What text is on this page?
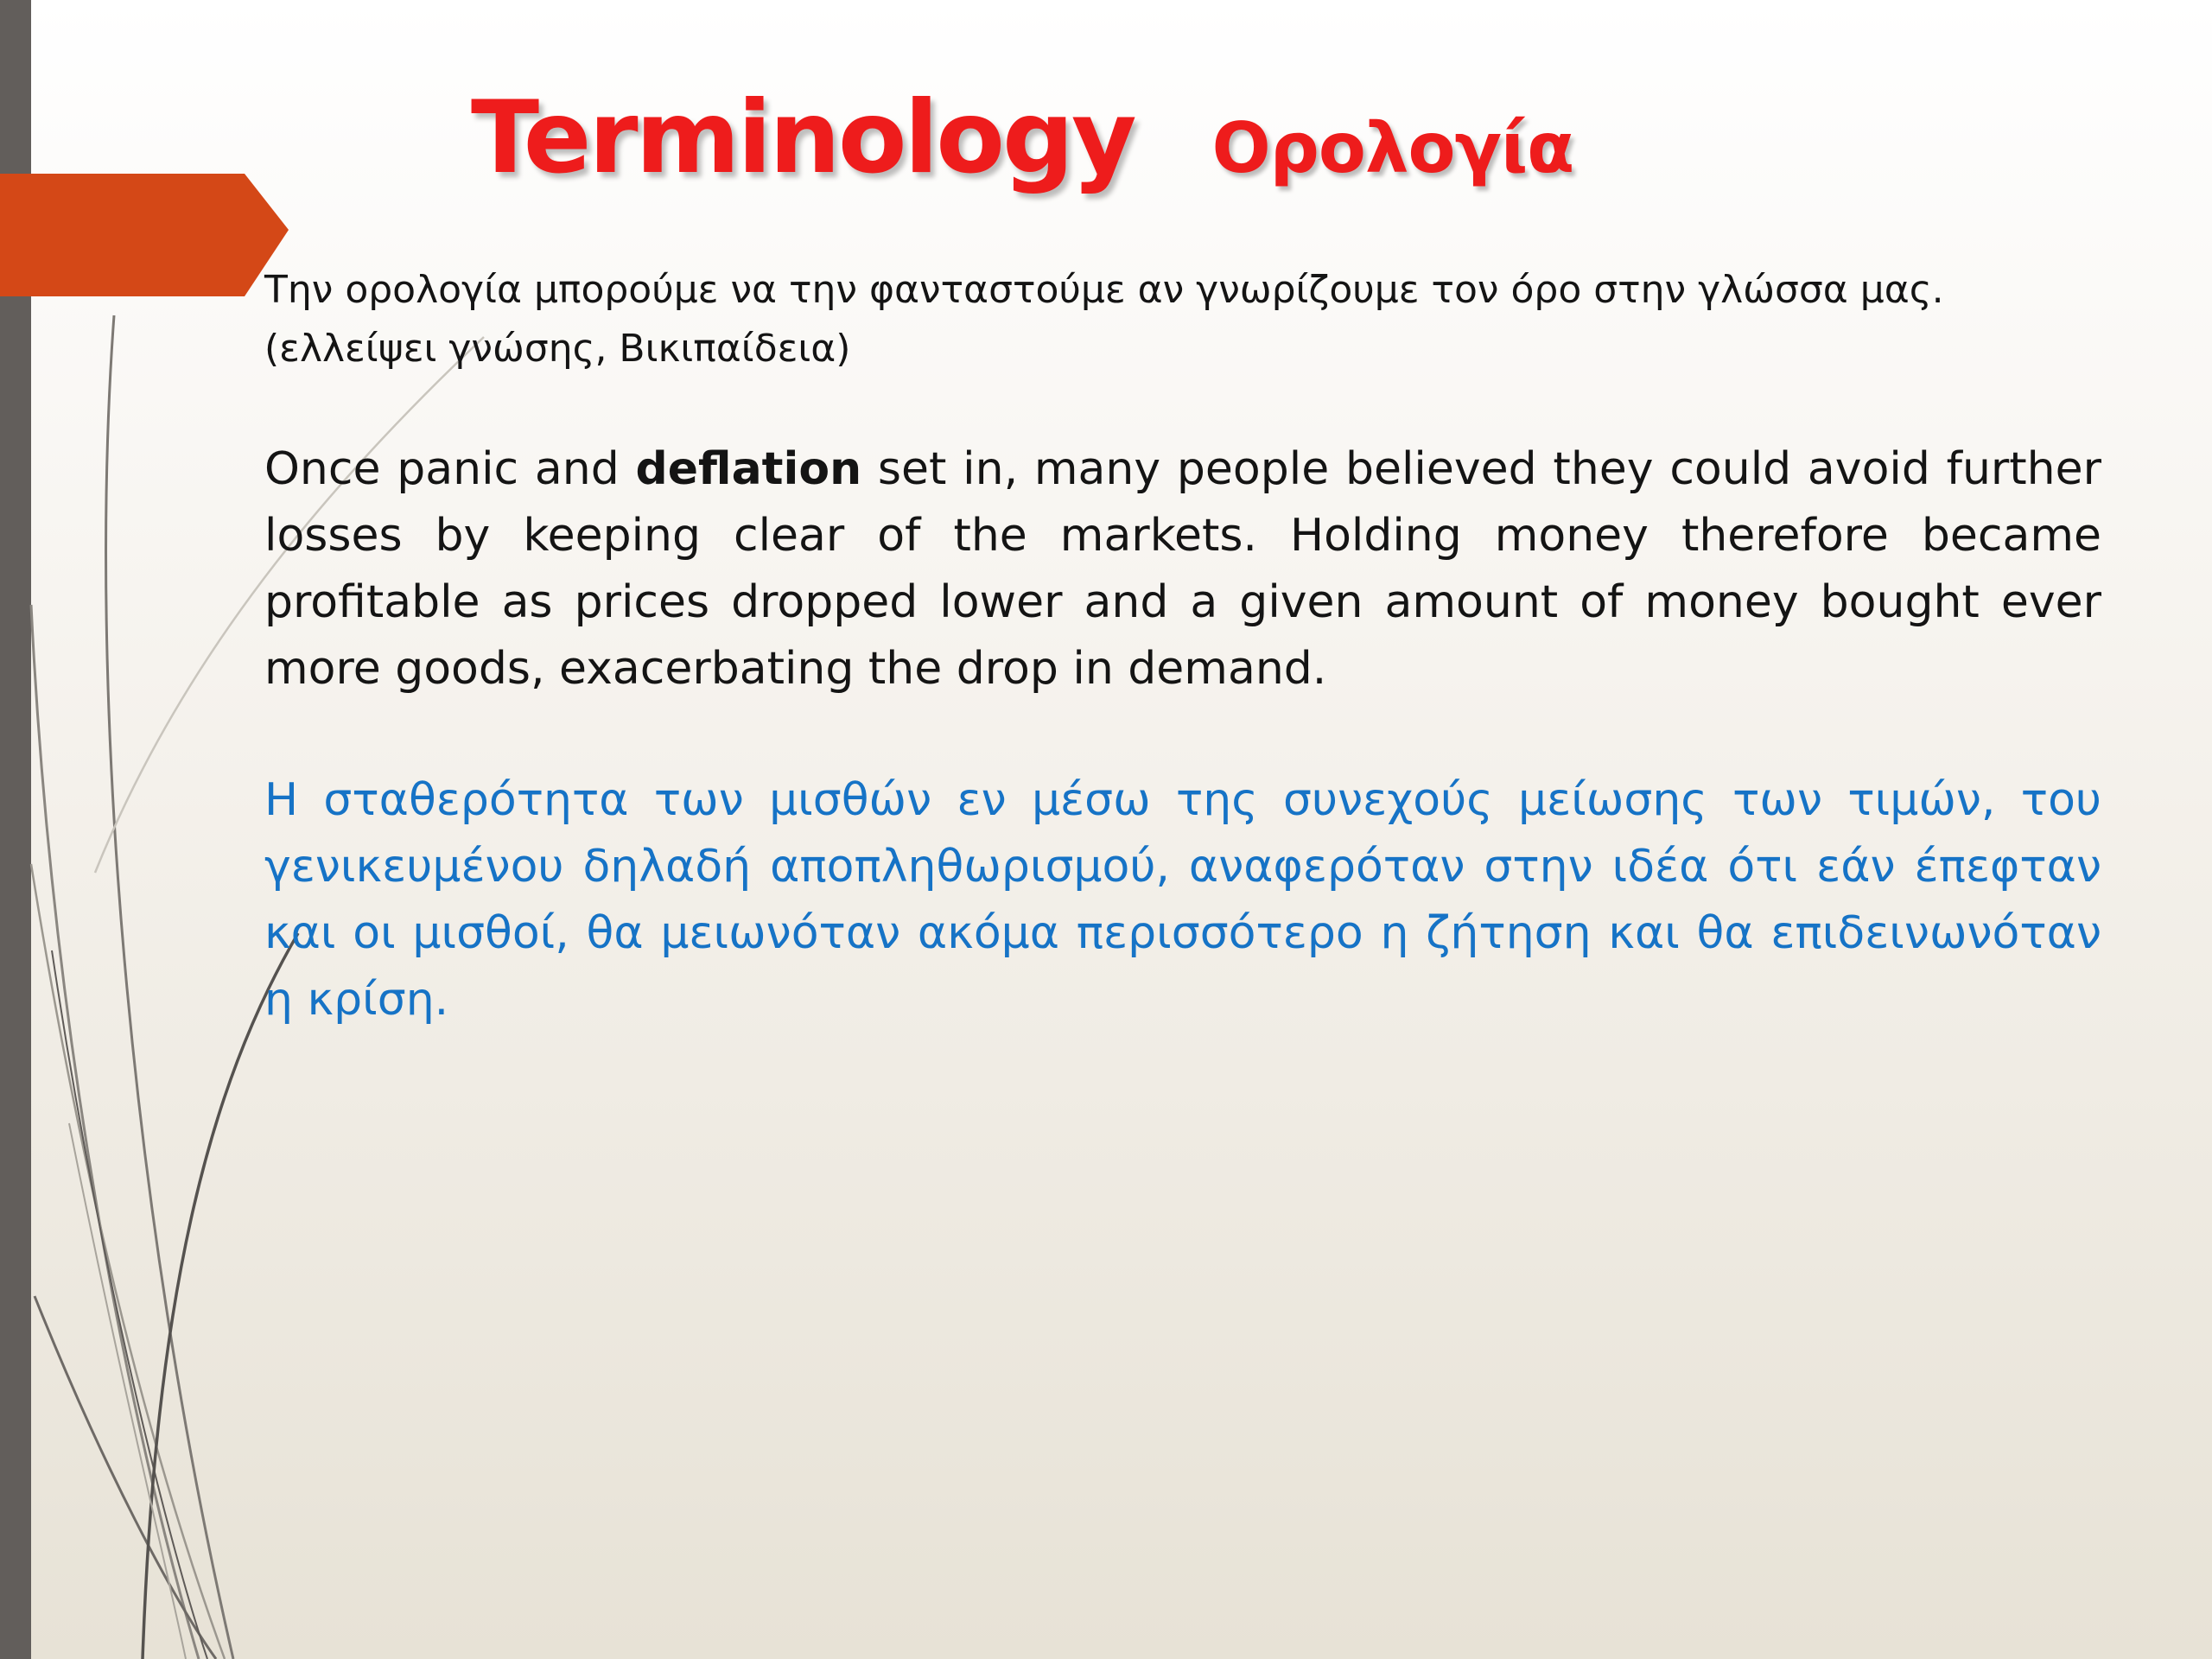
Terminology Ορολογία

Την ορολογία μπορούμε να την φανταστούμε αν γνωρίζουμε τον όρο στην γλώσσα μας.
(ελλείψει γνώσης, Βικιπαίδεια)

Once panic and deflation set in, many people believed they could avoid further losses by keeping clear of the markets. Holding money therefore became profitable as prices dropped lower and a given amount of money bought ever more goods, exacerbating the drop in demand.

Η σταθερότητα των μισθών εν μέσω της συνεχούς μείωσης των τιμών, του γενικευμένου δηλαδή αποπληθωρισμού, αναφερόταν στην ιδέα ότι εάν έπεφταν και οι μισθοί, θα μειωνόταν ακόμα περισσότερο η ζήτηση και θα επιδεινωνόταν η κρίση.
